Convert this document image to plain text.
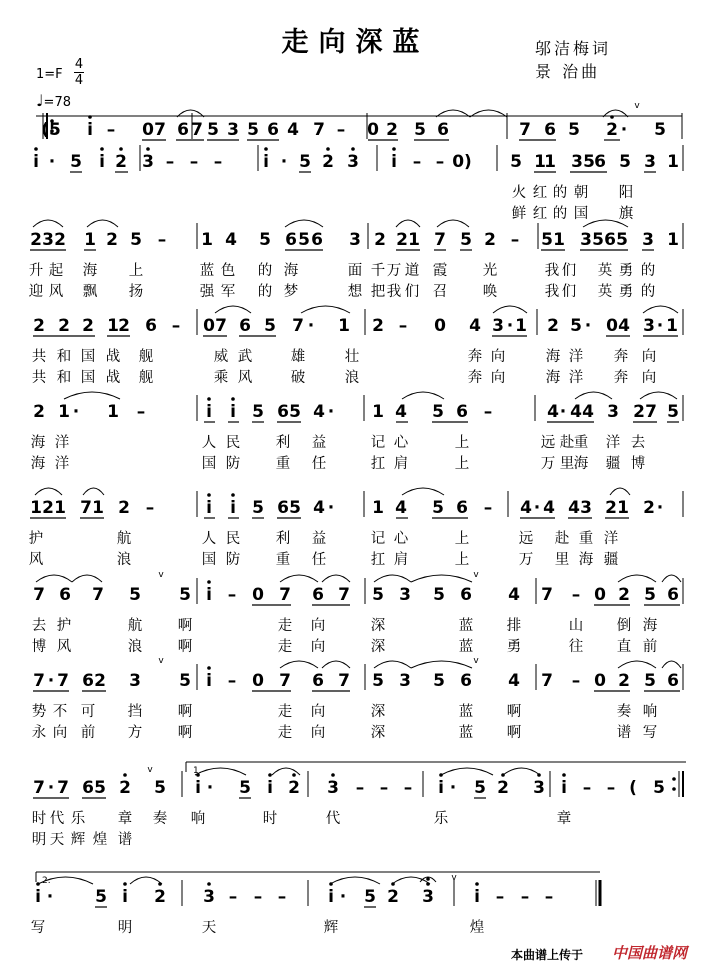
走向深蓝	邬洁梅词
景 治曲
1=F
4
4
♩=78
(5 i – 0 7 6 7 5 3 5 6 4 7 – 0 2 5 6	7 6 5 2 · 5
v
i · 5 i 2 3 – – – i · 5 2 3 i – – 0) 5 1
1 3 5 6 5 3 1
火 红 的 朝 阳
鲜 红 的 国 旗
2 3 2 1 2 5 – 1 4 5 6 5 6 3 2 2 1 7 5 2 – 5 1 3 5 6 5 3 1
升 起 海 上	蓝 色 的 海	面 千 万 道 霞 光	我 们 英 勇 的
迎 风 飘 扬	强 军 的 梦	想 把 我 们 召 唤	我 们 英 勇 的
2 2 2 1 2 6 – 0 7 6 5 7 · 1 2 – 0 4 3 · 1 2 5 · 0 4 3 · 1
共 和 国 战 舰	威 武	雄	壮	奔 向	海 洋 奔 向
共 和 国 战 舰	乘 风	破	浪	奔 向	海 洋 奔 向
2 1 · 1 –	i i 5 6 5 4 · 1 4 5 6 –	4 · 4 4 3 2 7 5
海 洋	人 民 利 益	记 心	上	远 赴 重 洋 去
海 洋	国 防 重 任	扛 肩	上	万 里 海 疆 博
1 2 1 7 1 2 –	i i 5 6 5 4 · 1 4 5 6 – 4 · 4 4 3 2 1 2 ·
护	航	人 民 利 益	记 心	上	远 赴 重 洋
风	浪	国 防 重 任	扛 肩	上	万 里 海 疆
7 6 7 5 5 i – 0 7 6 7 5 3 5 6 4 7 – 0 2 5 6
v	v
去 护	航 啊	走 向	深	蓝 排	山 倒 海
博 风	浪 啊	走 向	深	蓝 勇	往 直 前
7 · 7 6 2 3 5 i – 0 7 6 7 5 3 5 6 4 7 – 0 2 5 6
v	v
势 不 可 挡 啊	走 向	深	蓝 啊	奏 响
永 向 前 方 啊	走 向	深	蓝 啊	谱 写
7 · 7 6 5 2 5 i · 5 i 2 3 – – – i · 5 2 3 i – – ( 5
v
时 代 乐 章 奏 响	时	代	乐	章
明 天 辉 煌 谱
i · 5 i 2 3 – – – i · 5 2 3 i – – –
v
写	明	天	辉	煌
1.
2.
本曲谱上传于 中国曲谱网
